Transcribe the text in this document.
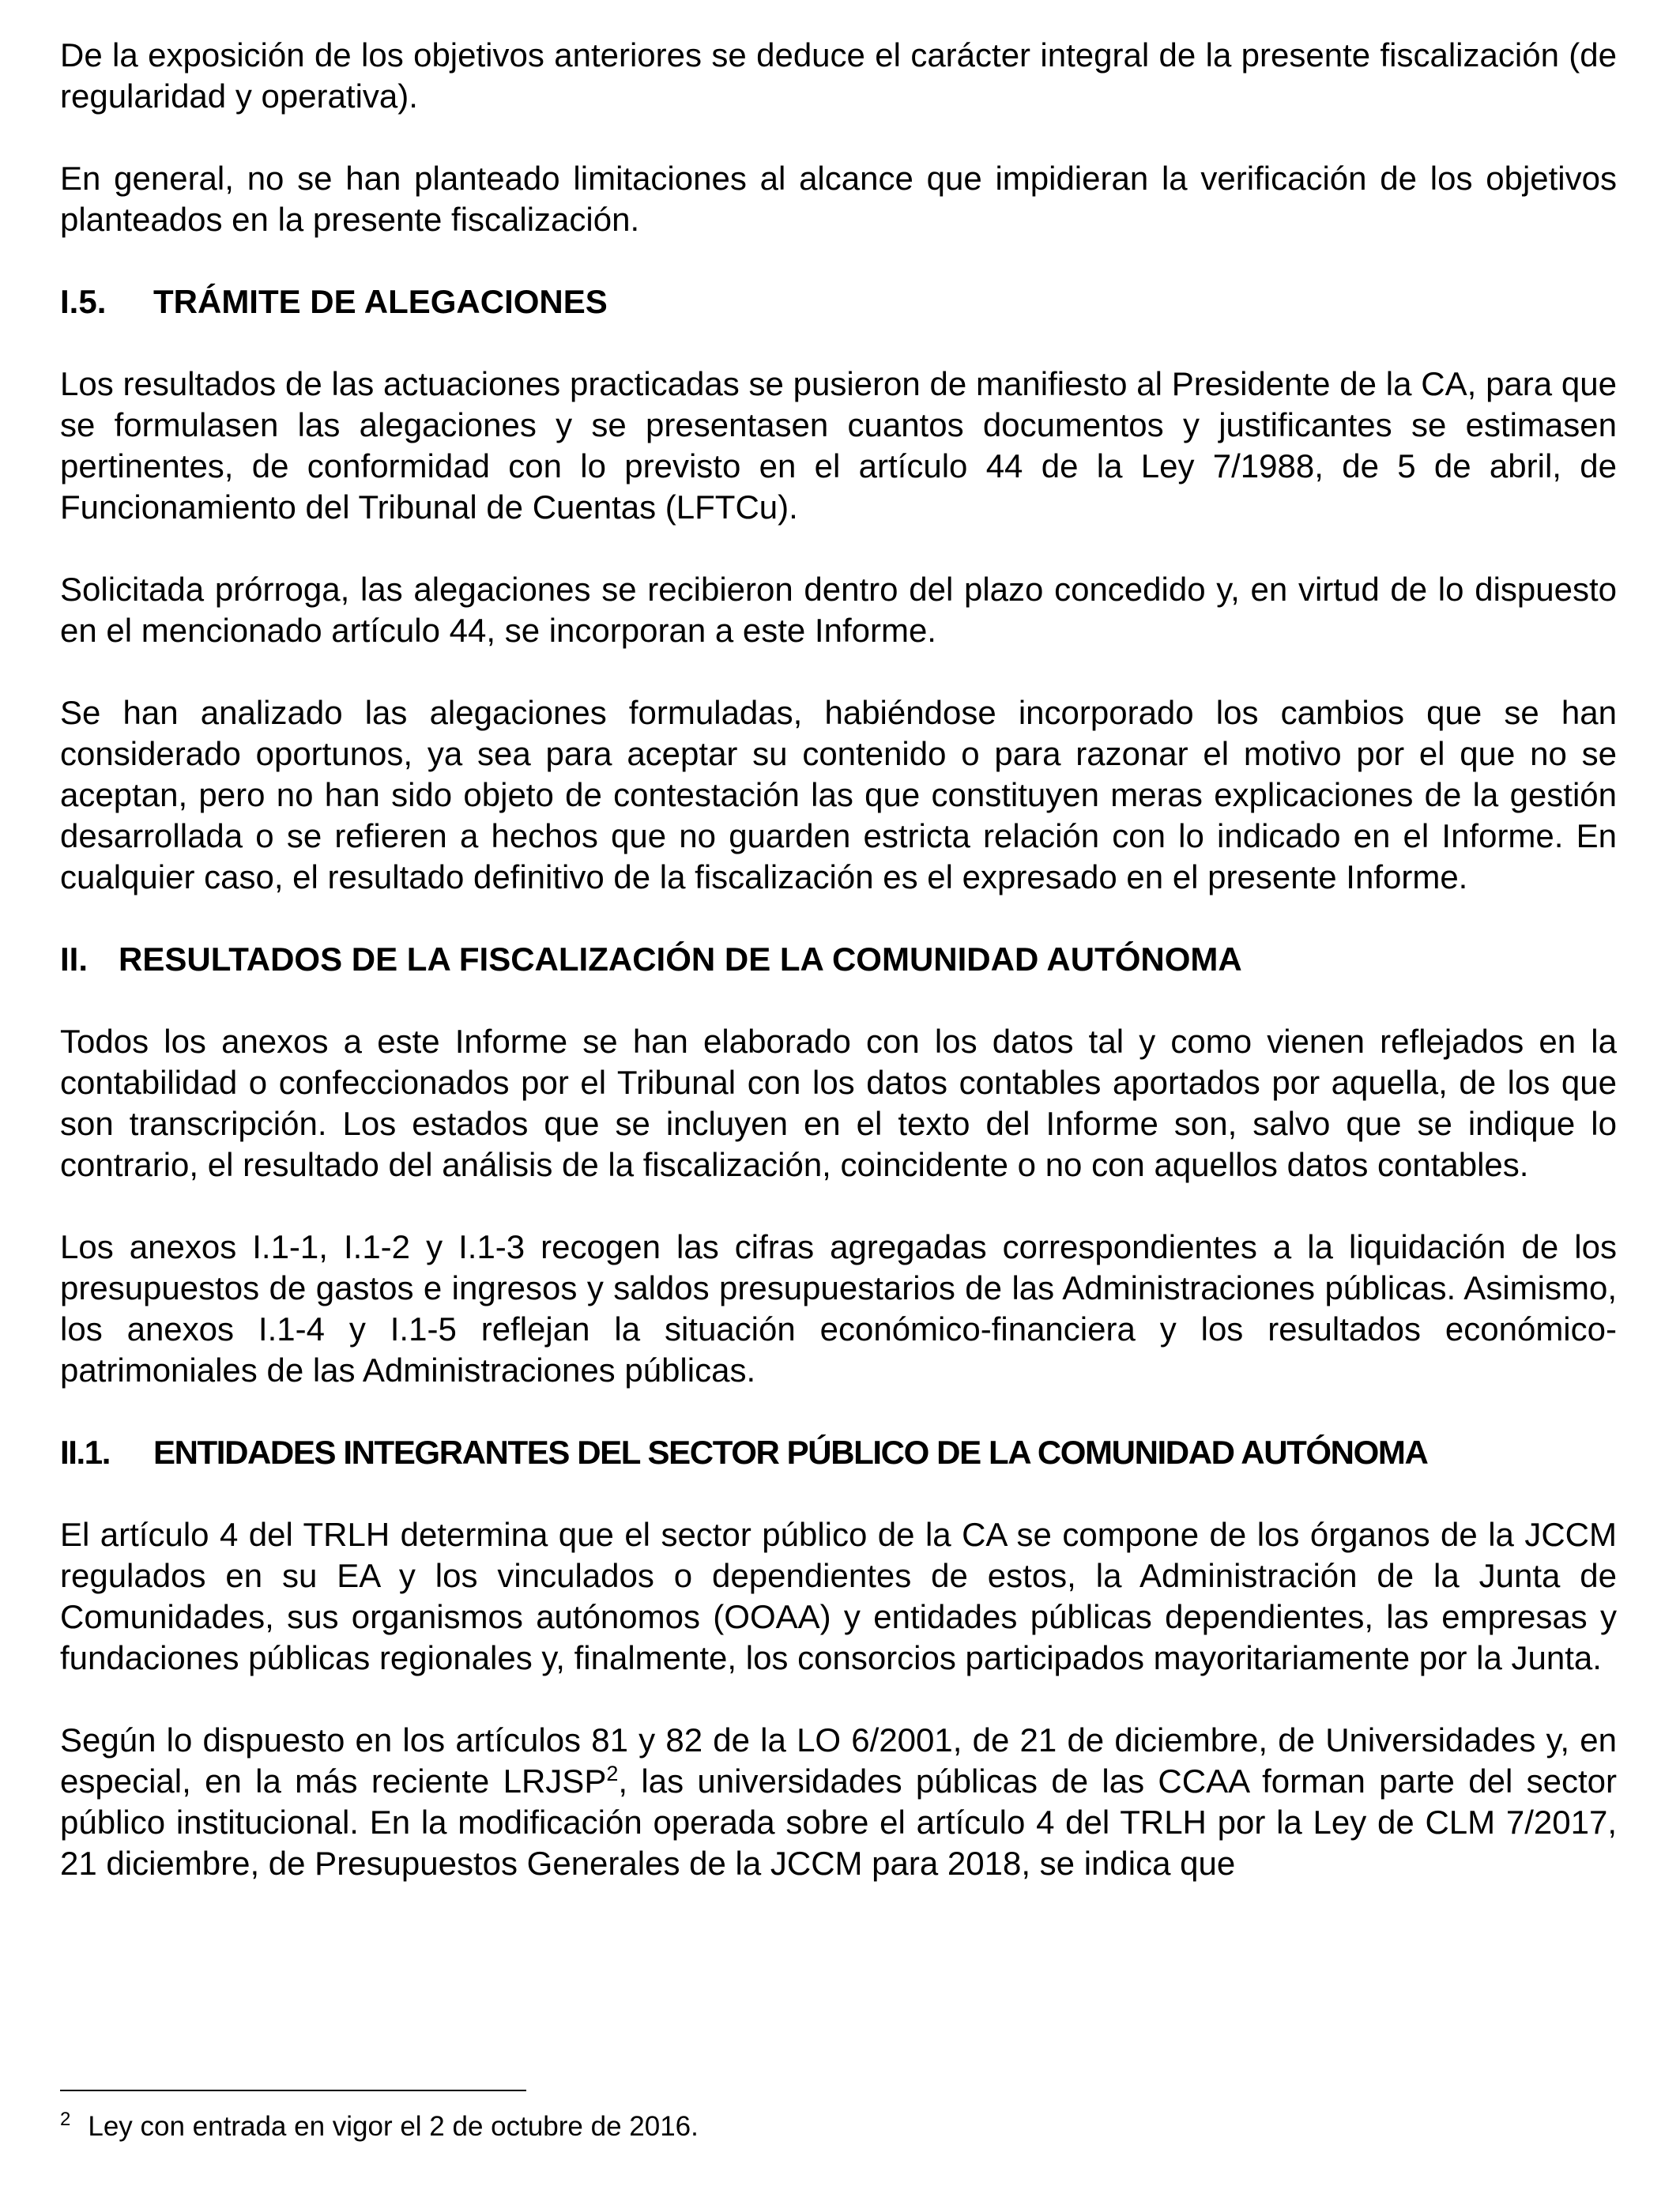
De la exposición de los objetivos anteriores se deduce el carácter integral de la presente fiscalización (de regularidad y operativa).

En general, no se han planteado limitaciones al alcance que impidieran la verificación de los objetivos planteados en la presente fiscalización.

I.5.	TRÁMITE DE ALEGACIONES

Los resultados de las actuaciones practicadas se pusieron de manifiesto al Presidente de la CA, para que se formulasen las alegaciones y se presentasen cuantos documentos y justificantes se estimasen pertinentes, de conformidad con lo previsto en el artículo 44 de la Ley 7/1988, de 5 de abril, de Funcionamiento del Tribunal de Cuentas (LFTCu).

Solicitada prórroga, las alegaciones se recibieron dentro del plazo concedido y, en virtud de lo dispuesto en el mencionado artículo 44, se incorporan a este Informe.

Se han analizado las alegaciones formuladas, habiéndose incorporado los cambios que se han considerado oportunos, ya sea para aceptar su contenido o para razonar el motivo por el que no se aceptan, pero no han sido objeto de contestación las que constituyen meras explicaciones de la gestión desarrollada o se refieren a hechos que no guarden estricta relación con lo indicado en el Informe. En cualquier caso, el resultado definitivo de la fiscalización es el expresado en el presente Informe.

II. RESULTADOS DE LA FISCALIZACIÓN DE LA COMUNIDAD AUTÓNOMA

Todos los anexos a este Informe se han elaborado con los datos tal y como vienen reflejados en la contabilidad o confeccionados por el Tribunal con los datos contables aportados por aquella, de los que son transcripción. Los estados que se incluyen en el texto del Informe son, salvo que se indique lo contrario, el resultado del análisis de la fiscalización, coincidente o no con aquellos datos contables.

Los anexos I.1-1, I.1-2 y I.1-3 recogen las cifras agregadas correspondientes a la liquidación de los presupuestos de gastos e ingresos y saldos presupuestarios de las Administraciones públicas. Asimismo, los anexos I.1-4 y I.1-5 reflejan la situación económico-financiera y los resultados económico-patrimoniales de las Administraciones públicas.

II.1.	ENTIDADES INTEGRANTES DEL SECTOR PÚBLICO DE LA COMUNIDAD AUTÓNOMA

El artículo 4 del TRLH determina que el sector público de la CA se compone de los órganos de la JCCM regulados en su EA y los vinculados o dependientes de estos, la Administración de la Junta de Comunidades, sus organismos autónomos (OOAA) y entidades públicas dependientes, las empresas y fundaciones públicas regionales y, finalmente, los consorcios participados mayoritariamente por la Junta.

Según lo dispuesto en los artículos 81 y 82 de la LO 6/2001, de 21 de diciembre, de Universidades y, en especial, en la más reciente LRJSP$^2$, las universidades públicas de las CCAA forman parte del sector público institucional. En la modificación operada sobre el artículo 4 del TRLH por la Ley de CLM 7/2017, 21 diciembre, de Presupuestos Generales de la JCCM para 2018, se indica que

$^2$ Ley con entrada en vigor el 2 de octubre de 2016.
